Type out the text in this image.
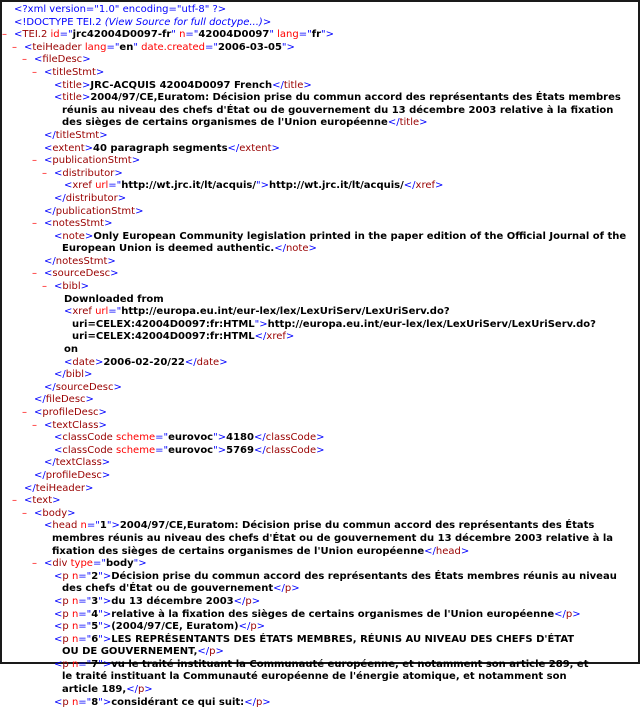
<?xml version="1.0" encoding="utf-8" ?>
<!DOCTYPE TEI.2 (View Source for full doctype...)>
– <TEI.2 id="jrc42004D0097-fr" n="42004D0097" lang="fr">
– <teiHeader lang="en" date.created="2006-03-05">
– <fileDesc>
– <titleStmt>
<title>JRC-ACQUIS 42004D0097 French</title>
<title>2004/97/CE,Euratom: Décision prise du commun accord des représentants des États membres réunis au niveau des chefs d'État ou de gouvernement du 13 décembre 2003 relative à la fixation des sièges de certains organismes de l'Union européenne</title>
</titleStmt>
<extent>40 paragraph segments</extent>
– <publicationStmt>
– <distributor>
<xref url="http://wt.jrc.it/lt/acquis/">http://wt.jrc.it/lt/acquis/</xref>
</distributor>
</publicationStmt>
– <notesStmt>
<note>Only European Community legislation printed in the paper edition of the Official Journal of the European Union is deemed authentic.</note>
</notesStmt>
– <sourceDesc>
– <bibl>
Downloaded from
<xref url="http://europa.eu.int/eur-lex/lex/LexUriServ/LexUriServ.do?
uri=CELEX:42004D0097:fr:HTML">http://europa.eu.int/eur-lex/lex/LexUriServ/LexUriServ.do?
uri=CELEX:42004D0097:fr:HTML</xref>
on
<date>2006-02-20/22</date>
</bibl>
</sourceDesc>
</fileDesc>
– <profileDesc>
– <textClass>
<classCode scheme="eurovoc">4180</classCode>
<classCode scheme="eurovoc">5769</classCode>
</textClass>
</profileDesc>
</teiHeader>
– <text>
– <body>
<head n="1">2004/97/CE,Euratom: Décision prise du commun accord des représentants des États membres réunis au niveau des chefs d'État ou de gouvernement du 13 décembre 2003 relative à la fixation des sièges de certains organismes de l'Union européenne</head>
– <div type="body">
<p n="2">Décision prise du commun accord des représentants des États membres réunis au niveau des chefs d'État ou de gouvernement</p>
<p n="3">du 13 décembre 2003</p>
<p n="4">relative à la fixation des sièges de certains organismes de l'Union européenne</p>
<p n="5">(2004/97/CE, Euratom)</p>
<p n="6">LES REPRÉSENTANTS DES ÉTATS MEMBRES, RÉUNIS AU NIVEAU DES CHEFS D'ÉTAT OU DE GOUVERNEMENT,</p>
<p n="7">vu le traité instituant la Communauté européenne, et notamment son article 289, et le traité instituant la Communauté européenne de l'énergie atomique, et notamment son article 189,</p>
<p n="8">considérant ce qui suit:</p>
